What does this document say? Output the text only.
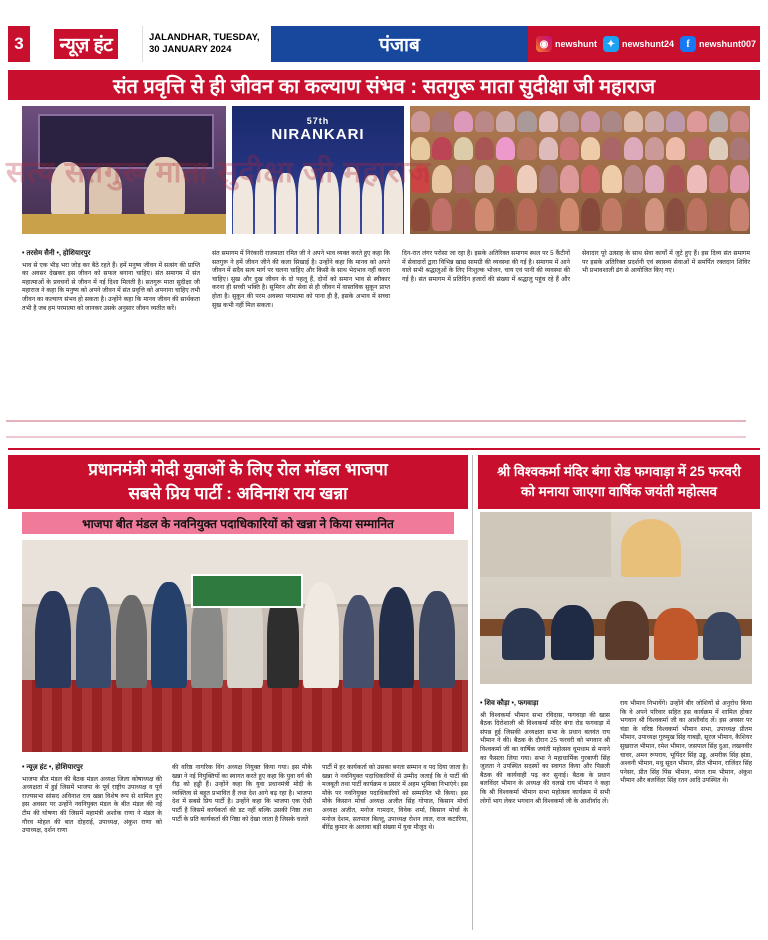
3	न्यूज़ हंट	JALANDHAR, TUESDAY,
30 JANUARY 2024	पंजाब	◉ newshunt ✦ newshunt24	f	newshunt007
संत प्रवृत्ति से ही जीवन का कल्याण संभव : सतगुरू माता सुदीक्षा जी महाराज
57th
NIRANKARI
सत्य सतगुरू माता सुदीक्षा जी महाराज
• तरसेम सैनी •, होशियारपुर
भाव से एक भीड़ भरा जोड़ कर बैठे रहते हैं। हमें मनुष्य जीवन में सत्संग की प्राप्ति का अवसर देखकर इस जीवन को सफल बनाना चाहिए। संत समागम में संत महात्माओं के प्रवचनों से जीवन में नई दिशा मिलती है। सतगुरू माता सुदीक्षा जी महाराज ने कहा कि मनुष्य को अपने जीवन में संत प्रवृत्ति को अपनाना चाहिए तभी जीवन का कल्याण संभव हो सकता है। उन्होंने कहा कि मानव जीवन की सार्थकता तभी है जब हम परमात्मा को जानकर उसके अनुसार जीवन व्यतीत करें।
संत समागम में निरंकारी राजमाता रमित जी ने अपने भाव व्यक्त करते हुए कहा कि सतगुरू ने हमें जीवन जीने की कला सिखाई है। उन्होंने कहा कि मानव को अपने जीवन में सदैव सत्य मार्ग पर चलना चाहिए और किसी के साथ भेदभाव नहीं करना चाहिए। सुख और दुख जीवन के दो पहलू हैं, दोनों को समान भाव से स्वीकार करना ही सच्ची भक्ति है। सुमिरन और सेवा से ही जीवन में वास्तविक सुकून प्राप्त होता है। सुकून की परम अवस्था परमात्मा को पाना ही है, इसके अभाव में सच्चा सुख कभी नहीं मिल सकता।
दिन-रात लंगर परोसा जा रहा है। इसके अतिरिक्त समागम स्थल पर 5 कैंटीनों में सेवादारों द्वारा विभिन्न खाद्य सामग्री की व्यवस्था की गई है। समागम में आने वाले सभी श्रद्धालुओं के लिए निःशुल्क भोजन, चाय एवं पानी की व्यवस्था की गई है। संत समागम में प्रतिदिन हजारों की संख्या में श्रद्धालु पहुंच रहे हैं और सेवादार पूरे उत्साह के साथ सेवा कार्यों में जुटे हुए हैं। इस दिव्य संत समागम पर इसके अतिरिक्त प्रदर्शनी एवं स्वास्थ्य सेवाओं में समर्पित रक्तदान शिविर भी प्रभावशाली ढंग से आयोजित किए गए।
प्रधानमंत्री मोदी युवाओं के लिए रोल मॉडल भाजपा
सबसे प्रिय पार्टी : अविनाश राय खन्ना
भाजपा बीत मंडल के नवनियुक्त पदाधिकारियों को खन्ना ने किया सम्मानित
श्री विश्वकर्मा मंदिर बंगा रोड फगवाड़ा में 25 फरवरी
को मनाया जाएगा वार्षिक जयंती महोत्सव
• न्यूज़ हंट •, होशियारपुर
भाजपा बीत मंडल की बैठक मंडल अध्यक्ष जिला कोषाध्यक्ष की अध्यक्षता में हुई जिसमें भाजपा के पूर्व राष्ट्रीय उपाध्यक्ष व पूर्व राज्यसभा सांसद अविनाश राय खन्ना विशेष रूप से शामिल हुए इस अवसर पर उन्होंने नवनियुक्त मंडल के बीत मंडल की नई टीम की घोषणा की जिसमें महामंत्री अशोक राणा ने मंडल के गौरव मोहल की बात दोहराई, उपाध्यक्ष, अंकुश राणा को उपाध्यक्ष, दर्शन राणा
की वरिष्ठ नागरिक विंग अध्यक्ष नियुक्त किया गया। इस मौके खन्ना ने नई नियुक्तियों का स्वागत करते हुए कहा कि युवा वर्ग की रीढ़ को हड्डी हैं। उन्होंने कहा कि युवा प्रधानमंत्री मोदी के व्यक्तित्व से बहुत प्रभावित हैं तथा देश आगे बढ़ रहा है। भाजपा देश में सबसे प्रिय पार्टी है। उन्होंने कहा कि भाजपा एक ऐसी पार्टी है जिसमें कार्यकर्ता की डट नहीं बल्कि उसकी निष्ठा तथा पार्टी के प्रति कार्यकर्ता की निष्ठा को देखा जाता है जिसके चलते
पार्टी में हर कार्यकर्ता को उसका बनता सम्मान व पद दिया जाता है। खन्ना ने नवनियुक्त पदाधिकारियों से उम्मीद जताई कि वे पार्टी की मजबूती तथा पार्टी कार्यक्रम व प्रसार में अहम भूमिका निभाएंगे। इस मौके पर नवनियुक्त पदाधिकारियों को सम्मानित भी किया। इस मौके किसान मोर्चा अध्यक्ष अजीत सिंह गोपाल, किसान मोर्चा अध्यक्ष अजीत, मनोज गामदार, विवेक शर्मा, किसान मोर्चा के मनोज देशम, सतपाल बिल्लू, उपाध्यक्ष रोशन लाल, राज कटारिया, बीरेंद्र कुमार के अलावा बड़ी संख्या में युवा मौजूद थे।
• शिव कौड़ा •, फगवाड़ा
श्री विश्वकर्मा भीमान सभा रविदास, फगवाड़ा की खास बैठक दिरोशाली श्री विश्वकर्मा मंदिर बंगा रोड फगवाड़ा में संपन्न हुई जिसकी अध्यक्षता सभा के प्रधान बलवंत राय भीमान ने की। बैठक के दौरान 25 फरवरी को भगवान श्री विश्वकर्मा जी का वार्षिक जयंती महोत्सव धूमधाम से मनाने का फैसला लिया गया। सभा ने महाधार्मिक गुरबाणी सिंह जुलता ने उपस्थित सदस्यों का स्वागत किया और पिछली बैठक की कार्यवाही पढ़ कर सुनाई। बैठक के प्रधान बलविंदर भीमान के अध्यक्ष की वलखे राय भीमान ने कहा कि श्री विश्वकर्मा भीमान सभा महोत्सव कार्यक्रम में सभी लोगों भाग लेकर भगवान श्री विश्वकर्मा जी के आशीर्वाद लें।
राय भीमान निभायेंगे। उन्होंने बीर जोशियों से अनुरोध किया कि वे अपने परिवार सहित इस कार्यक्रम में शामिल होकर भगवान श्री विश्वकर्मा जी का आशीर्वाद लें। इस अवसर पर चंडा के वरिष्ठ विश्वकर्मा भीमान सभा, उपाध्यक्ष प्रीतम भीमान, उपाध्यक्ष गुरुमुख सिंह गाबड़ी, सूरज भीमान, कैशियर सुखराज भीमान, रमेश भीमान, जसपाल सिंह दुआ, लखनवीर चावर, अमन रूपराय, भूपिंदर सिंह उड्डू, अमरीक सिंह झंडा, अश्वनी भीमान, मधु सूदन भीमान, प्रीत भीमान, राजिंदर सिंह पनेसर, प्रीत सिंह पिंस भीमान, मंगत राम भीमान, अंकुश भीमान और बलविंदर सिंह रतन आदि उपस्थित थे।
